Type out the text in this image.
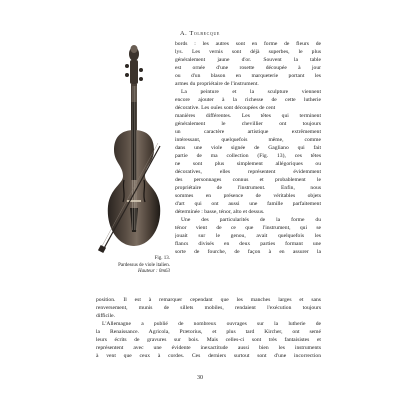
A. Tolbecque
Fig. 13.
Pardessus de viole italien.
Hauteur : 0m63
bords : les autres sont en forme de fleurs de
lys. Les vernis sont déjà superbes, le plus
généralement jaune d'or. Souvent la table
est ornée d'une rosette découpée à jour
ou d'un blason en marqueterie portant les
armes du propriétaire de l'instrument.
La peinture et la sculpture viennent
encore ajouter à la richesse de cette lutherie
décorative. Les ouïes sont découpées de cent
manières différentes. Les têtes qui terminent
généralement le chevillier ont toujours
un caractère artistique extrêmement
intéressant, quelquefois même, comme
dans une viole signée de Gagliano qui fait
partie de ma collection (Fig. 13), ces têtes
ne sont plus simplement allégoriques ou
décoratives, elles représentent évidemment
des personnages connus et probablement le
propriétaire de l'instrument. Enfin, nous
sommes en présence de véritables objets
d'art qui ont aussi une famille parfaitement
déterminée : basse, ténor, alto et dessus.
Une des particularités de la forme du
ténor vient de ce que l'instrument, qui se
jouait sur le genou, avait quelquefois les
flancs divisés en deux parties formant une
sorte de fourche, de façon à en assurer la
position. Il est à remarquer cependant que les manches larges et sans
renversement, munis de sillets mobiles, rendaient l'exécution toujours
difficile.
L'Allemagne a publié de nombreux ouvrages sur la lutherie de
la Renaissance. Agricola, Prætorius, et plus tard Kircher, ont semé
leurs écrits de gravures sur bois. Mais celles-ci sont très fantaisistes et
représentent avec une évidente inexactitude aussi bien les instruments
à vent que ceux à cordes. Ces derniers surtout sont d'une incorrection
30
